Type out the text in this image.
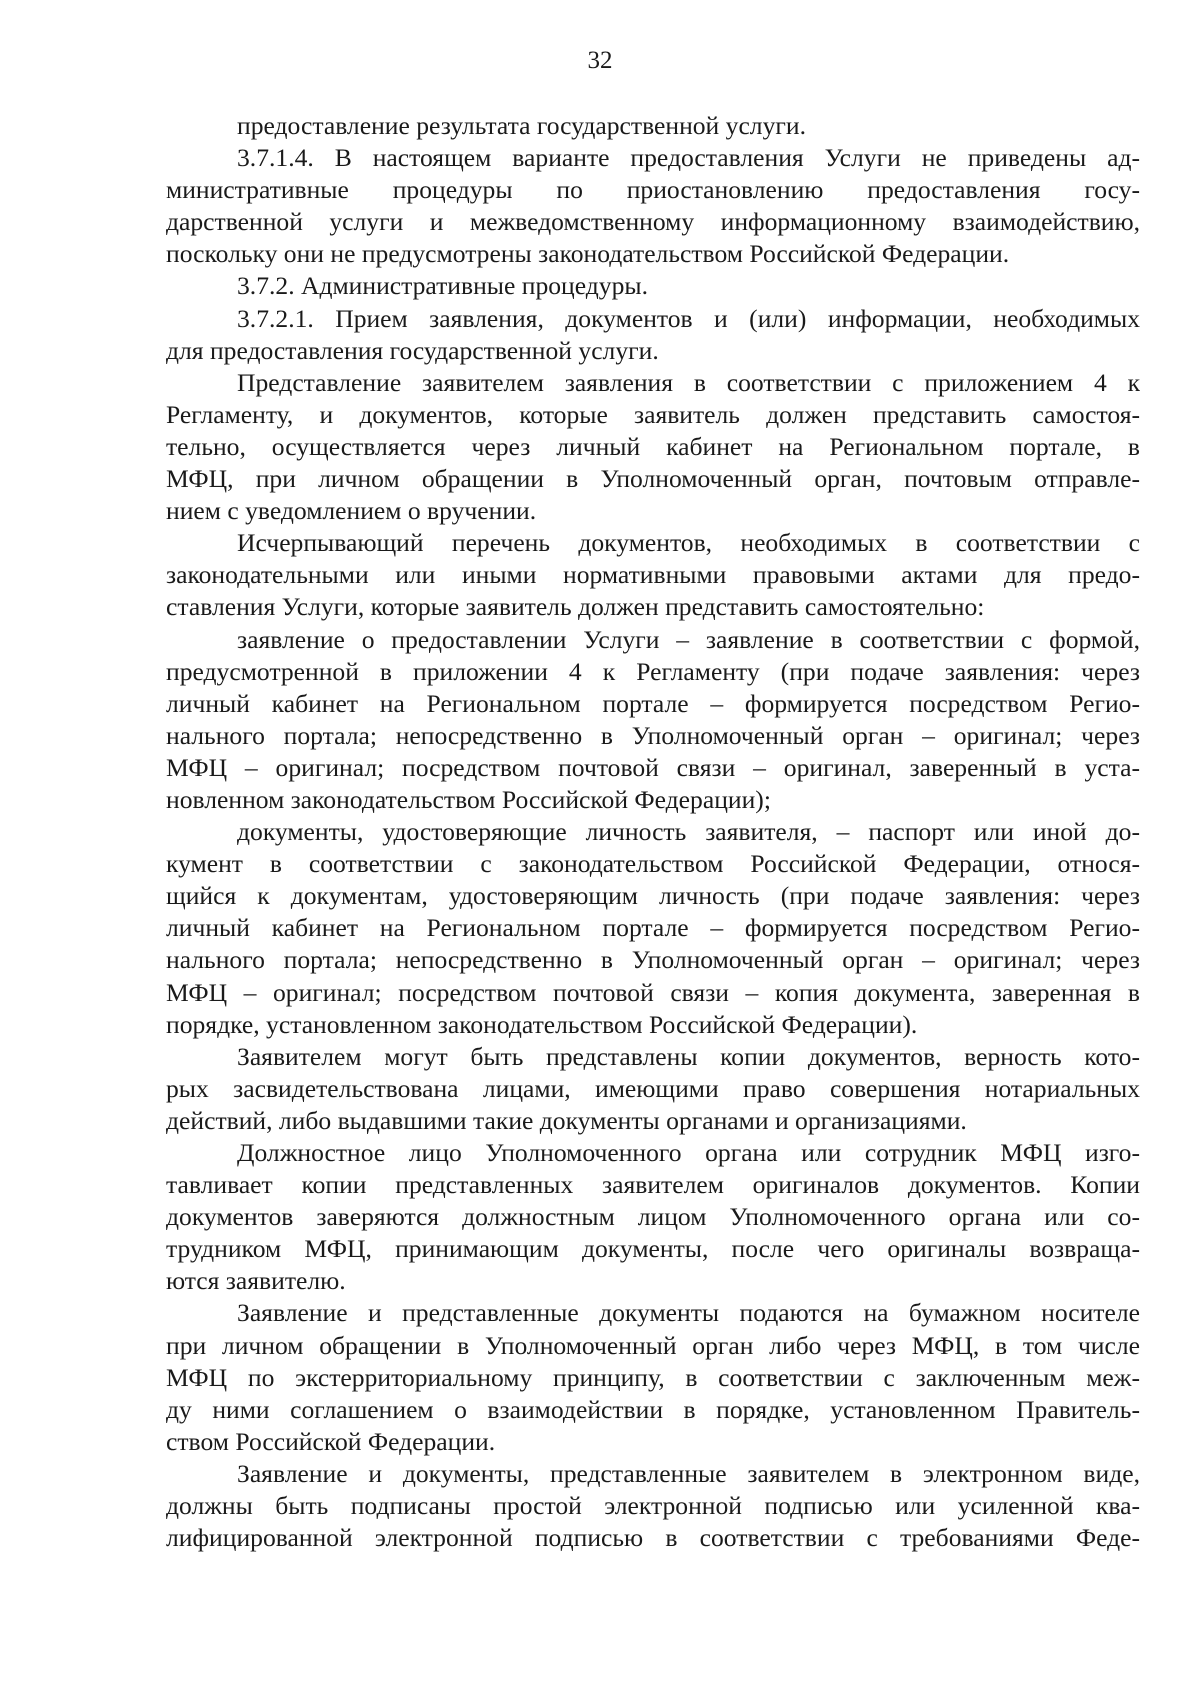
32
предоставление результата государственной услуги.
3.7.1.4. В настоящем варианте предоставления Услуги не приведены ад-
министративные процедуры по приостановлению предоставления госу-
дарственной услуги и межведомственному информационному взаимодействию,
поскольку они не предусмотрены законодательством Российской Федерации.
3.7.2. Административные процедуры.
3.7.2.1. Прием заявления, документов и (или) информации, необходимых
для предоставления государственной услуги.
Представление заявителем заявления в соответствии с приложением 4 к
Регламенту, и документов, которые заявитель должен представить самостоя-
тельно, осуществляется через личный кабинет на Региональном портале, в
МФЦ, при личном обращении в Уполномоченный орган, почтовым отправле-
нием с уведомлением о вручении.
Исчерпывающий перечень документов, необходимых в соответствии с
законодательными или иными нормативными правовыми актами для предо-
ставления Услуги, которые заявитель должен представить самостоятельно:
заявление о предоставлении Услуги – заявление в соответствии с формой,
предусмотренной в приложении 4 к Регламенту (при подаче заявления: через
личный кабинет на Региональном портале – формируется посредством Регио-
нального портала; непосредственно в Уполномоченный орган – оригинал; через
МФЦ – оригинал; посредством почтовой связи – оригинал, заверенный в уста-
новленном законодательством Российской Федерации);
документы, удостоверяющие личность заявителя, – паспорт или иной до-
кумент в соответствии с законодательством Российской Федерации, относя-
щийся к документам, удостоверяющим личность (при подаче заявления: через
личный кабинет на Региональном портале – формируется посредством Регио-
нального портала; непосредственно в Уполномоченный орган – оригинал; через
МФЦ – оригинал; посредством почтовой связи – копия документа, заверенная в
порядке, установленном законодательством Российской Федерации).
Заявителем могут быть представлены копии документов, верность кото-
рых засвидетельствована лицами, имеющими право совершения нотариальных
действий, либо выдавшими такие документы органами и организациями.
Должностное лицо Уполномоченного органа или сотрудник МФЦ изго-
тавливает копии представленных заявителем оригиналов документов. Копии
документов заверяются должностным лицом Уполномоченного органа или со-
трудником МФЦ, принимающим документы, после чего оригиналы возвраща-
ются заявителю.
Заявление и представленные документы подаются на бумажном носителе
при личном обращении в Уполномоченный орган либо через МФЦ, в том числе
МФЦ по экстерриториальному принципу, в соответствии с заключенным меж-
ду ними соглашением о взаимодействии в порядке, установленном Правитель-
ством Российской Федерации.
Заявление и документы, представленные заявителем в электронном виде,
должны быть подписаны простой электронной подписью или усиленной ква-
лифицированной электронной подписью в соответствии с требованиями Феде-
